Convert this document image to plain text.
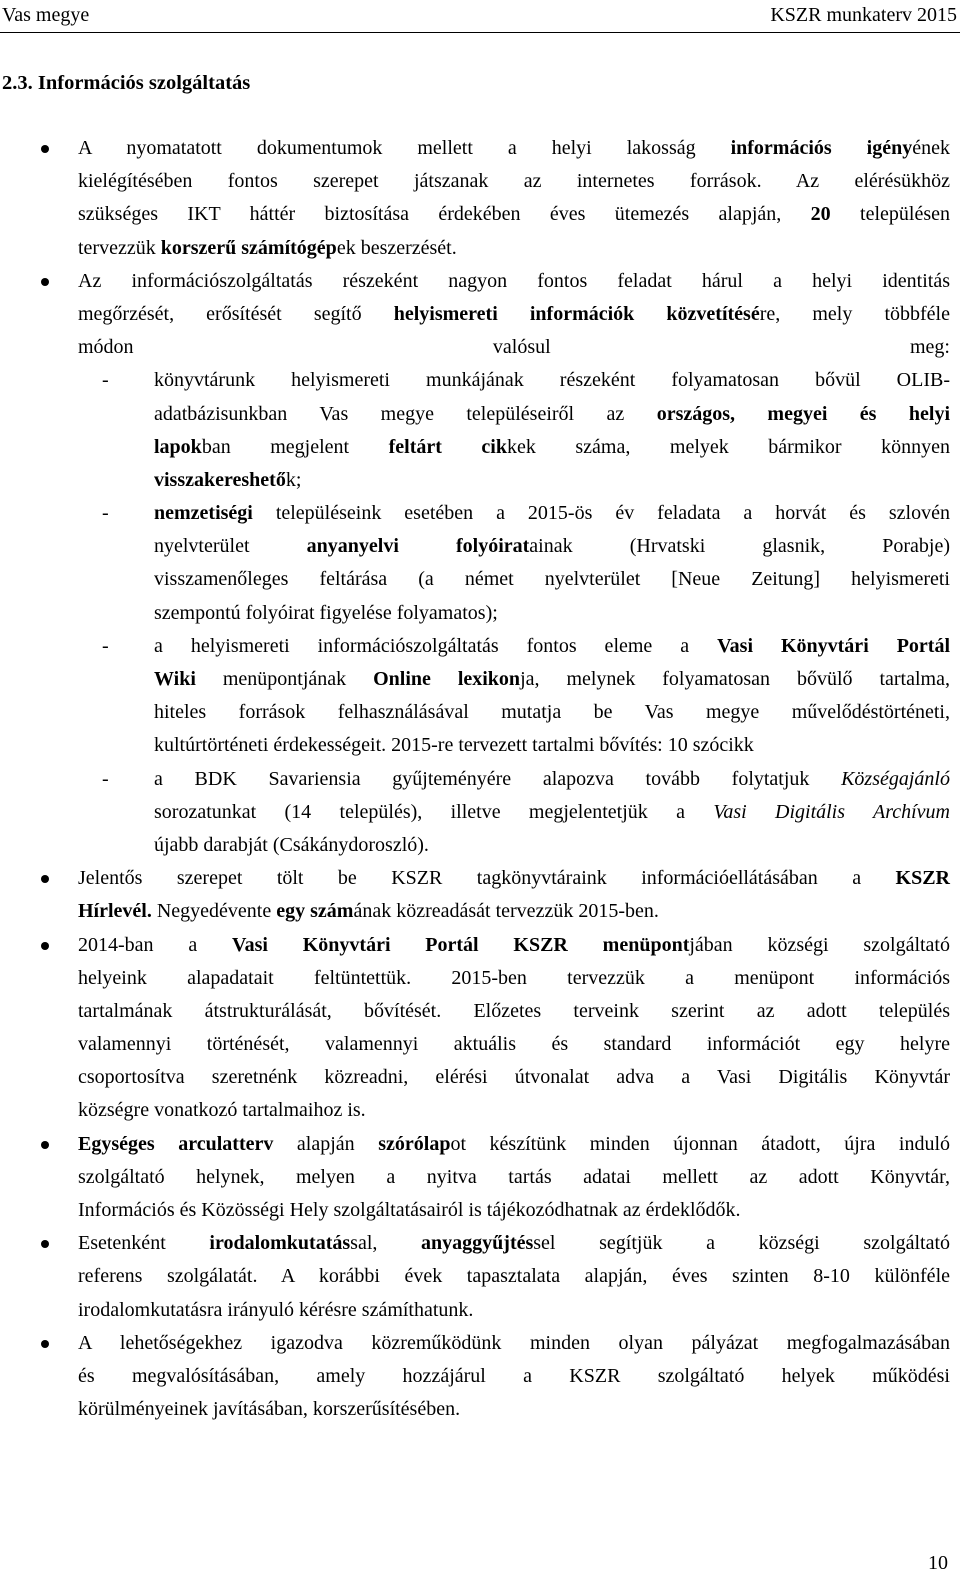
Vas megye	KSZR munkaterv 2015
2.3. Információs szolgáltatás
A nyomatatott dokumentumok mellett a helyi lakosság információs igényének
kielégítésében fontos szerepet játszanak az internetes források. Az elérésükhöz
szükséges IKT háttér biztosítása érdekében éves ütemezés alapján, 20 településen
tervezzük korszerű számítógépek beszerzését.
Az információszolgáltatás részeként nagyon fontos feladat hárul a helyi identitás
megőrzését, erősítését segítő helyismereti információk közvetítésére, mely többféle
módon valósul meg:
- könyvtárunk helyismereti munkájának részeként folyamatosan bővül OLIB-
adatbázisunkban Vas megye településeiről az országos, megyei és helyi
lapokban megjelent feltárt cikkek száma, melyek bármikor könnyen
visszakereshetők;
- nemzetiségi településeink esetében a 2015-ös év feladata a horvát és szlovén
nyelvterület anyanyelvi folyóiratainak (Hrvatski glasnik, Porabje)
visszamenőleges feltárása (a német nyelvterület [Neue Zeitung] helyismereti
szempontú folyóirat figyelése folyamatos);
- a helyismereti információszolgáltatás fontos eleme a Vasi Könyvtári Portál
Wiki menüpontjának Online lexikonja, melynek folyamatosan bővülő tartalma,
hiteles források felhasználásával mutatja be Vas megye művelődéstörténeti,
kultúrtörténeti érdekességeit. 2015-re tervezett tartalmi bővítés: 10 szócikk
- a BDK Savariensia gyűjteményére alapozva tovább folytatjuk Községajánló
sorozatunkat (14 település), illetve megjelentetjük a Vasi Digitális Archívum
újabb darabját (Csákánydoroszló).
Jelentős szerepet tölt be KSZR tagkönyvtáraink információellátásában a KSZR
Hírlevél. Negyedévente egy számának közreadását tervezzük 2015-ben.
2014-ban a Vasi Könyvtári Portál KSZR menüpontjában községi szolgáltató
helyeink alapadatait feltüntettük. 2015-ben tervezzük a menüpont információs
tartalmának átstrukturálását, bővítését. Előzetes terveink szerint az adott település
valamennyi történését, valamennyi aktuális és standard információt egy helyre
csoportosítva szeretnénk közreadni, elérési útvonalat adva a Vasi Digitális Könyvtár
községre vonatkozó tartalmaihoz is.
Egységes arculatterv alapján szórólapot készítünk minden újonnan átadott, újra induló
szolgáltató helynek, melyen a nyitva tartás adatai mellett az adott Könyvtár,
Információs és Közösségi Hely szolgáltatásairól is tájékozódhatnak az érdeklődők.
Esetenként irodalomkutatással, anyaggyűjtéssel segítjük a községi szolgáltató
referens szolgálatát. A korábbi évek tapasztalata alapján, éves szinten 8-10 különféle
irodalomkutatásra irányuló kérésre számíthatunk.
A lehetőségekhez igazodva közreműködünk minden olyan pályázat megfogalmazásában
és megvalósításában, amely hozzájárul a KSZR szolgáltató helyek működési
körülményeinek javításában, korszerűsítésében.
10
